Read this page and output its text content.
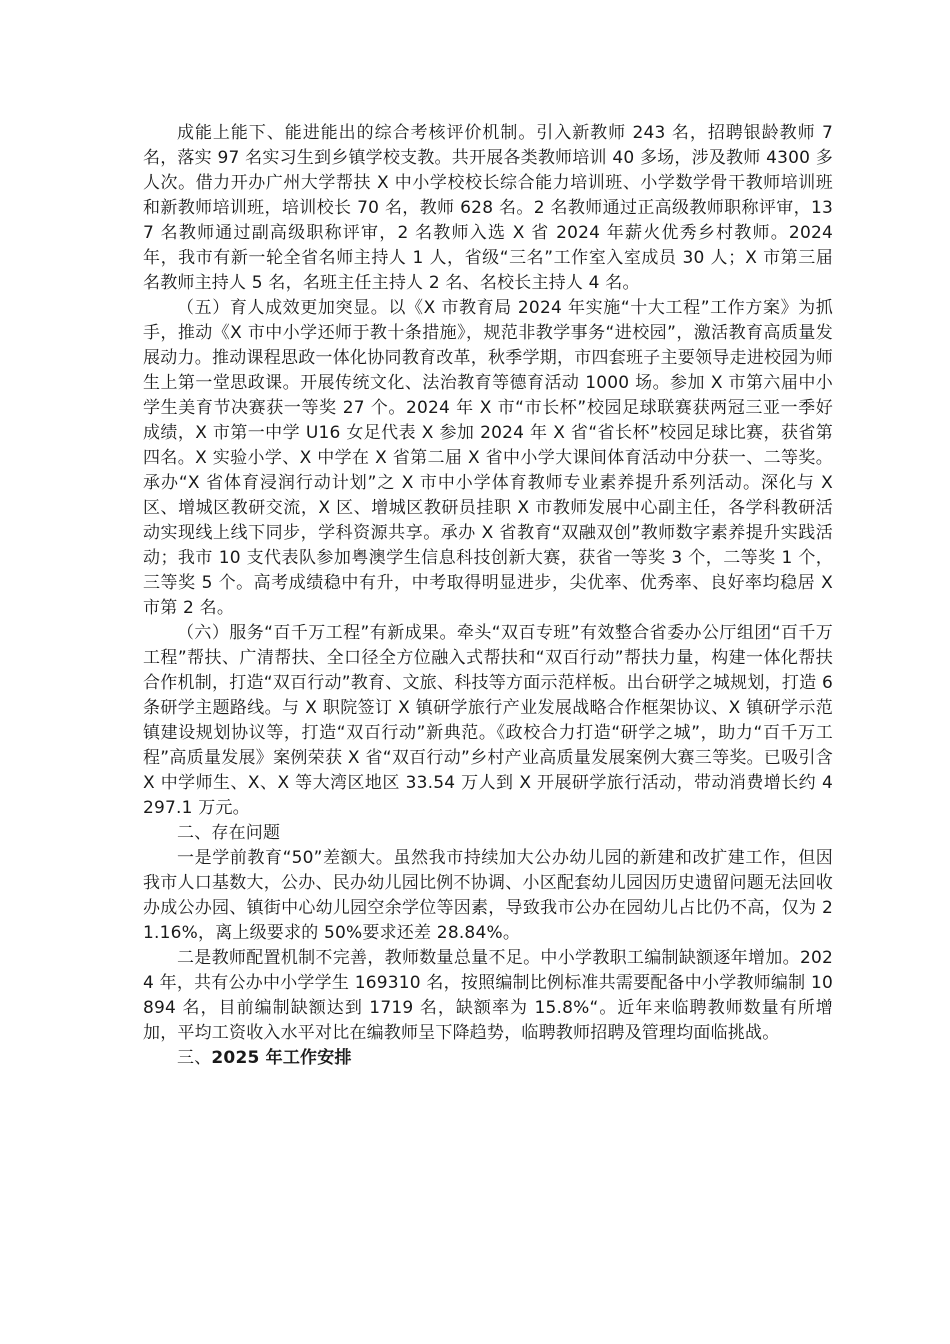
成能上能下、能进能出的综合考核评价机制。引入新教师 243 名，招聘银龄教师 7 名，落实 97 名实习生到乡镇学校支教。共开展各类教师培训 40 多场，涉及教师 4300 多人次。借力开办广州大学帮扶 X 中小学校校长综合能力培训班、小学数学骨干教师培训班和新教师培训班，培训校长 70 名，教师 628 名。2 名教师通过正高级教师职称评审，137 名教师通过副高级职称评审，2 名教师入选 X 省 2024 年薪火优秀乡村教师。2024 年，我市有新一轮全省名师主持人 1 人，省级“三名”工作室入室成员 30 人；X 市第三届名教师主持人 5 名，名班主任主持人 2 名、名校长主持人 4 名。

（五）育人成效更加突显。以《X 市教育局 2024 年实施“十大工程”工作方案》为抓手，推动《X 市中小学还师于教十条措施》，规范非教学事务“进校园”，激活教育高质量发展动力。推动课程思政一体化协同教育改革，秋季学期，市四套班子主要领导走进校园为师生上第一堂思政课。开展传统文化、法治教育等德育活动 1000 场。参加 X 市第六届中小学生美育节决赛获一等奖 27 个。2024 年 X 市“市长杯”校园足球联赛获两冠三亚一季好成绩，X 市第一中学 U16 女足代表 X 参加 2024 年 X 省“省长杯”校园足球比赛，获省第四名。X 实验小学、X 中学在 X 省第二届 X 省中小学大课间体育活动中分获一、二等奖。承办“X 省体育浸润行动计划”之 X 市中小学体育教师专业素养提升系列活动。深化与 X 区、增城区教研交流，X 区、增城区教研员挂职 X 市教师发展中心副主任，各学科教研活动实现线上线下同步，学科资源共享。承办 X 省教育“双融双创”教师数字素养提升实践活动；我市 10 支代表队参加粤澳学生信息科技创新大赛，获省一等奖 3 个，二等奖 1 个，三等奖 5 个。高考成绩稳中有升，中考取得明显进步，尖优率、优秀率、良好率均稳居 X 市第 2 名。

（六）服务“百千万工程”有新成果。牵头“双百专班”有效整合省委办公厅组团“百千万工程”帮扶、广清帮扶、全口径全方位融入式帮扶和“双百行动”帮扶力量，构建一体化帮扶合作机制，打造“双百行动”教育、文旅、科技等方面示范样板。出台研学之城规划，打造 6 条研学主题路线。与 X 职院签订 X 镇研学旅行产业发展战略合作框架协议、X 镇研学示范镇建设规划协议等，打造“双百行动”新典范。《政校合力打造“研学之城”，助力“百千万工程”高质量发展》案例荣获 X 省“双百行动”乡村产业高质量发展案例大赛三等奖。已吸引含 X 中学师生、X、X 等大湾区地区 33.54 万人到 X 开展研学旅行活动，带动消费增长约 4297.1 万元。

二、存在问题

一是学前教育“50”差额大。虽然我市持续加大公办幼儿园的新建和改扩建工作，但因我市人口基数大，公办、民办幼儿园比例不协调、小区配套幼儿园因历史遗留问题无法回收办成公办园、镇街中心幼儿园空余学位等因素，导致我市公办在园幼儿占比仍不高，仅为 21.16%，离上级要求的 50%要求还差 28.84%。

二是教师配置机制不完善，教师数量总量不足。中小学教职工编制缺额逐年增加。2024 年，共有公办中小学学生 169310 名，按照编制比例标准共需要配备中小学教师编制 10894 名，目前编制缺额达到 1719 名，缺额率为 15.8%“。近年来临聘教师数量有所增加，平均工资收入水平对比在编教师呈下降趋势，临聘教师招聘及管理均面临挑战。

三、2025 年工作安排
